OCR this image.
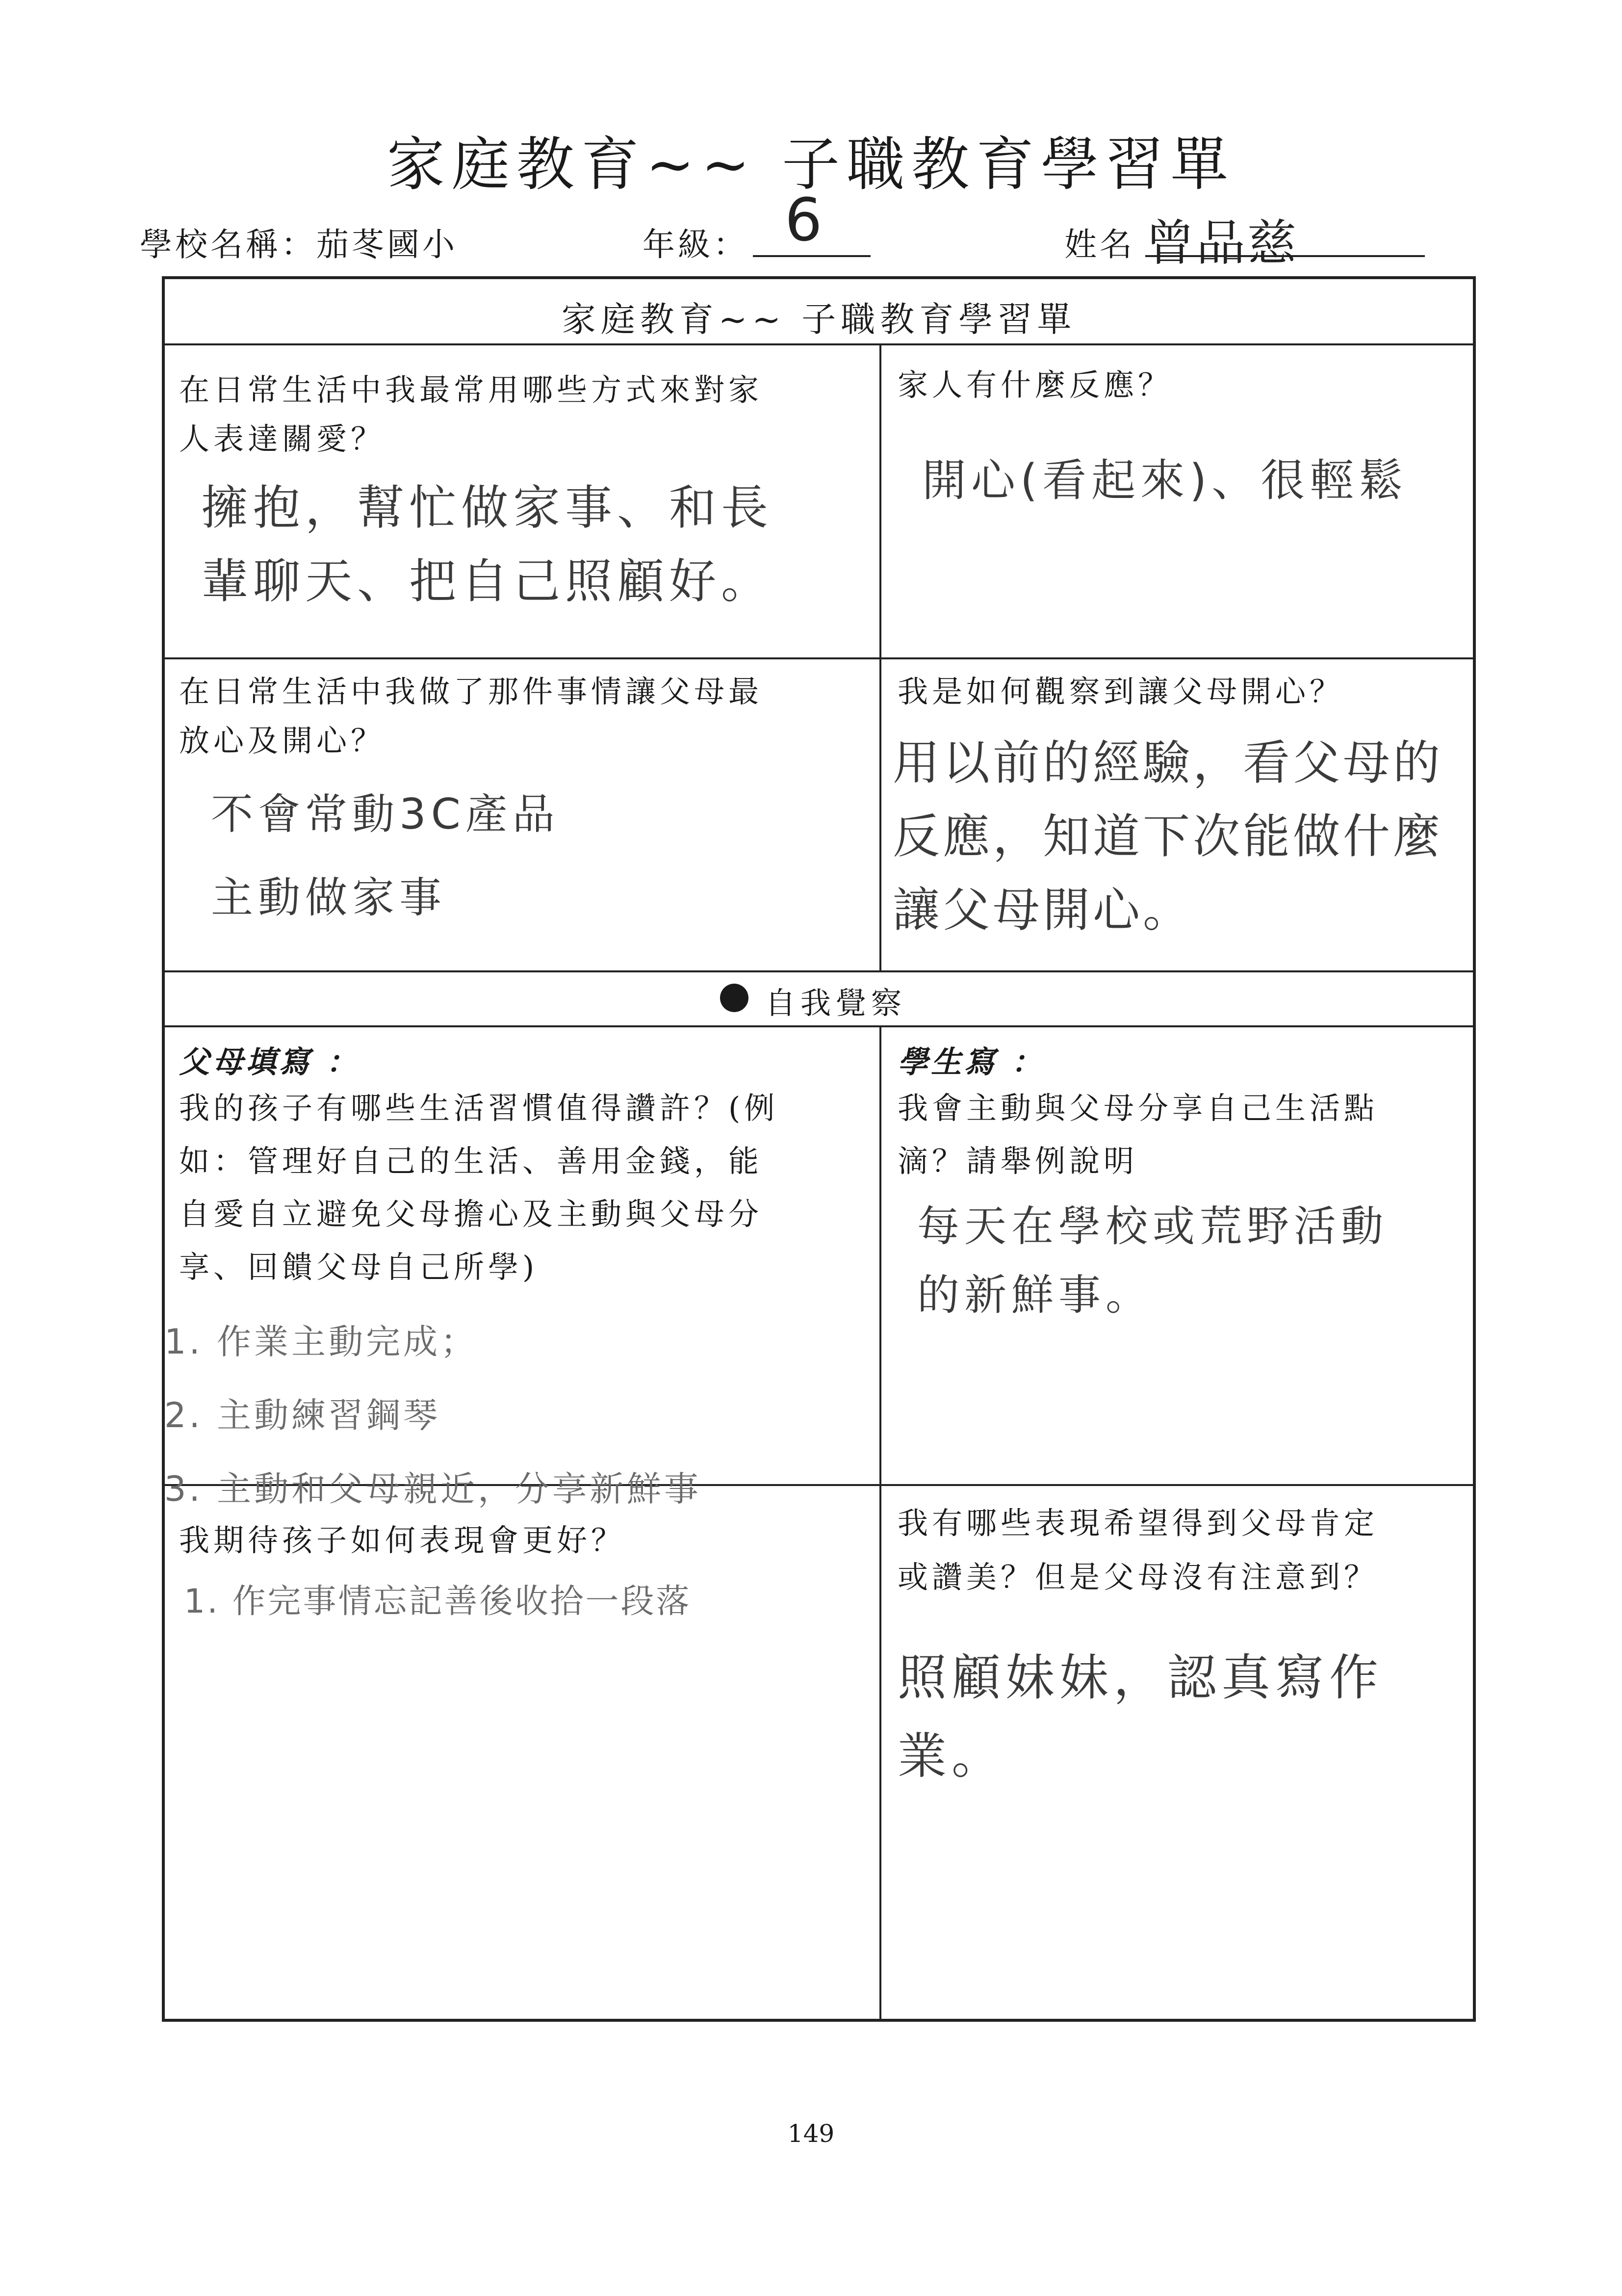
家庭教育~~ 子職教育學習單
學校名稱：茄苳國小	年級： 6	姓名 曾品慈
家庭教育~~ 子職教育學習單
在日常生活中我最常用哪些方式來對家
人表達關愛？
擁抱，幫忙做家事、和長
輩聊天、把自己照顧好。
家人有什麼反應？
開心(看起來)、很輕鬆
在日常生活中我做了那件事情讓父母最
放心及開心？
不會常動3C產品
主動做家事
我是如何觀察到讓父母開心？
用以前的經驗，看父母的
反應，知道下次能做什麼
讓父母開心。
自我覺察
父母填寫 ：
我的孩子有哪些生活習慣值得讚許？(例
如：管理好自己的生活、善用金錢，能
自愛自立避免父母擔心及主動與父母分
享、回饋父母自己所學)
1. 作業主動完成；
2. 主動練習鋼琴
3. 主動和父母親近，分享新鮮事
學生寫 ：
我會主動與父母分享自己生活點
滴？請舉例說明
每天在學校或荒野活動
的新鮮事。
我期待孩子如何表現會更好？
1. 作完事情忘記善後收拾一段落
我有哪些表現希望得到父母肯定
或讚美？但是父母沒有注意到？
照顧妹妹，認真寫作
業。
149
